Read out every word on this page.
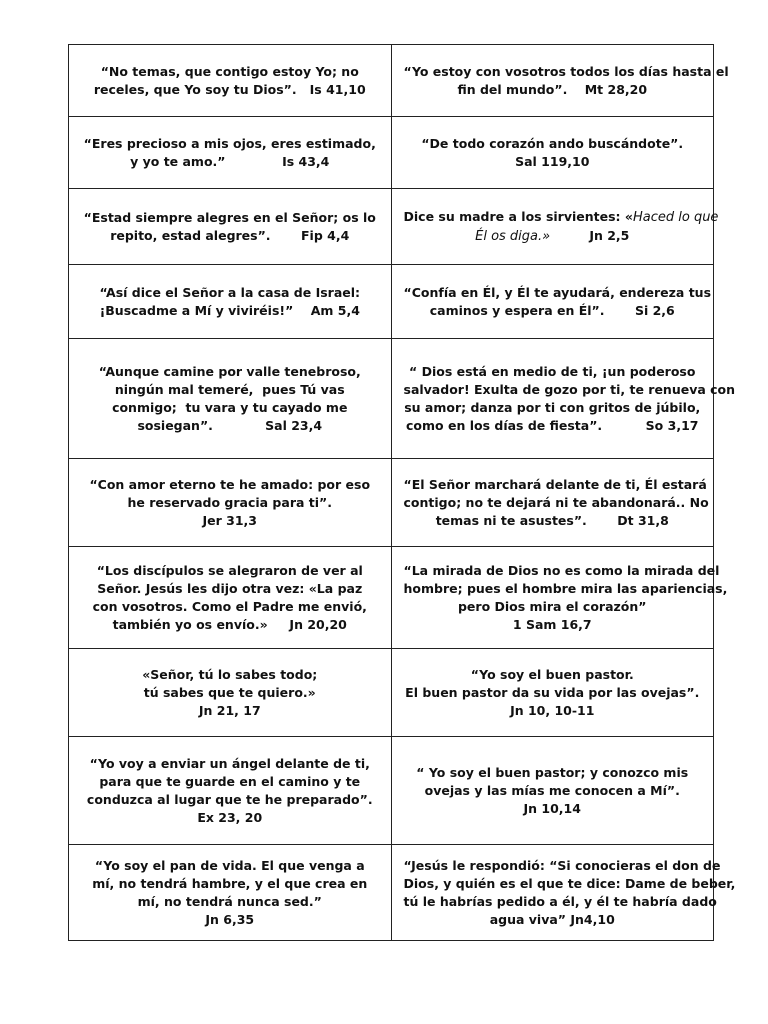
“No temas, que contigo estoy Yo; no
receles, que Yo soy tu Dios”.   Is 41,10	“Yo estoy con vosotros todos los días hasta el
fin del mundo”.    Mt 28,20

“Eres precioso a mis ojos, eres estimado,
y yo te amo.”             Is 43,4	“De todo corazón ando buscándote”.
Sal 119,10

“Estad siempre alegres en el Señor; os lo
repito, estad alegres”.       Fip 4,4	Dice su madre a los sirvientes: «Haced lo que
Él os diga.»         Jn 2,5

“Así dice el Señor a la casa de Israel:
¡Buscadme a Mí y viviréis!”    Am 5,4	“Confía en Él, y Él te ayudará, endereza tus
caminos y espera en Él”.       Si 2,6

“Aunque camine por valle tenebroso,
ningún mal temeré,  pues Tú vas
conmigo;  tu vara y tu cayado me
sosiegan”.            Sal 23,4	“ Dios está en medio de ti, ¡un poderoso
salvador! Exulta de gozo por ti, te renueva con
su amor; danza por ti con gritos de júbilo,
como en los días de fiesta”.          So 3,17

“Con amor eterno te he amado: por eso
he reservado gracia para ti”.
Jer 31,3	“El Señor marchará delante de ti, Él estará
contigo; no te dejará ni te abandonará.. No
temas ni te asustes”.       Dt 31,8

“Los discípulos se alegraron de ver al
Señor. Jesús les dijo otra vez: «La paz
con vosotros. Como el Padre me envió,
también yo os envío.»     Jn 20,20	“La mirada de Dios no es como la mirada del
hombre; pues el hombre mira las apariencias,
pero Dios mira el corazón”
1 Sam 16,7

«Señor, tú lo sabes todo;
tú sabes que te quiero.»
Jn 21, 17	“Yo soy el buen pastor.
El buen pastor da su vida por las ovejas”.
Jn 10, 10-11

“Yo voy a enviar un ángel delante de ti,
para que te guarde en el camino y te
conduzca al lugar que te he preparado”.
Ex 23, 20	“ Yo soy el buen pastor; y conozco mis
ovejas y las mías me conocen a Mí”.
Jn 10,14

“Yo soy el pan de vida. El que venga a
mí, no tendrá hambre, y el que crea en
mí, no tendrá nunca sed.”
Jn 6,35	“Jesús le respondió: “Si conocieras el don de
Dios, y quién es el que te dice: Dame de beber,
tú le habrías pedido a él, y él te habría dado
agua viva” Jn4,10
